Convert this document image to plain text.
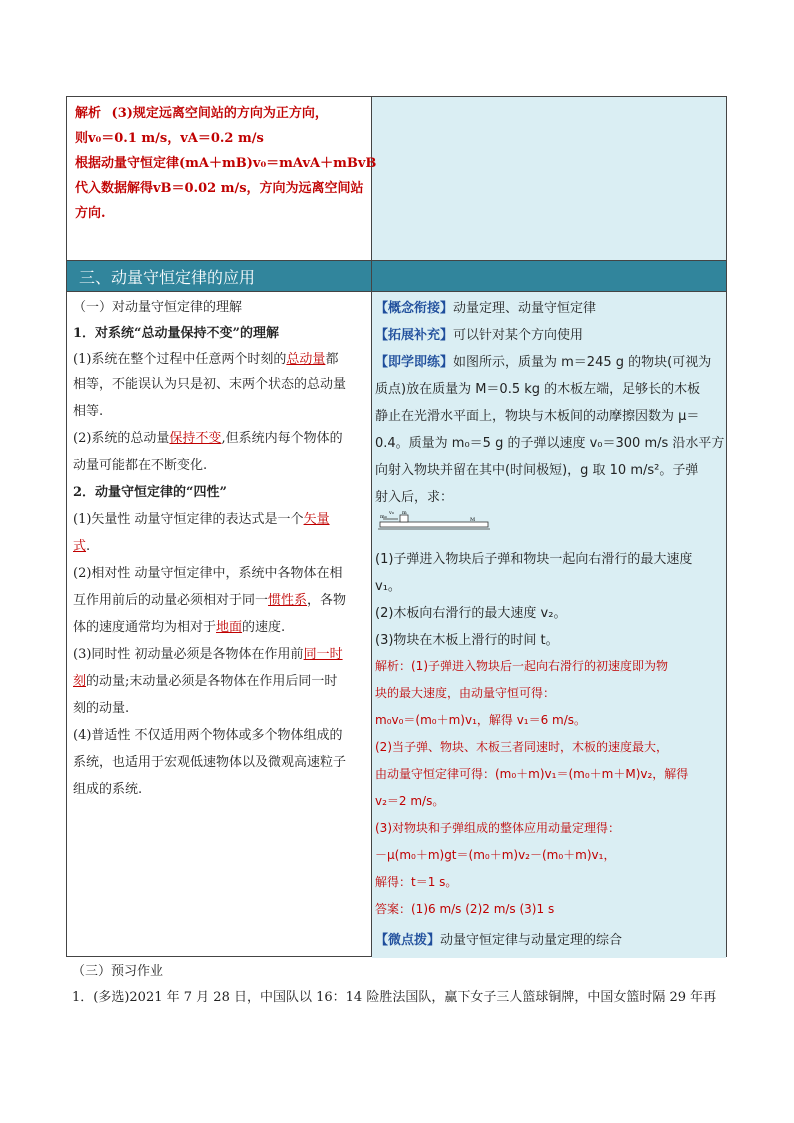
三、动量守恒定律的应用
解析 (3)规定远离空间站的方向为正方向，
则v₀＝0.1 m/s，vA＝0.2 m/s
根据动量守恒定律(mA＋mB)v₀＝mAvA＋mBvB
代入数据解得vB＝0.02 m/s，方向为远离空间站
方向.
（一）对动量守恒定律的理解
1．对系统“总动量保持不变”的理解
(1)系统在整个过程中任意两个时刻的总动量都
相等，不能误认为只是初、末两个状态的总动量
相等.
(2)系统的总动量保持不变,但系统内每个物体的
动量可能都在不断变化.
2．动量守恒定律的“四性”
(1)矢量性 动量守恒定律的表达式是一个矢量
式.
(2)相对性 动量守恒定律中，系统中各物体在相
互作用前后的动量必须相对于同一惯性系，各物
体的速度通常均为相对于地面的速度.
(3)同时性 初动量必须是各物体在作用前同一时
刻的动量;末动量必须是各物体在作用后同一时
刻的动量.
(4)普适性 不仅适用两个物体或多个物体组成的
系统，也适用于宏观低速物体以及微观高速粒子
组成的系统.
【概念衔接】动量定理、动量守恒定律
【拓展补充】可以针对某个方向使用
【即学即练】如图所示，质量为 m＝245 g 的物块(可视为
质点)放在质量为 M＝0.5 kg 的木板左端，足够长的木板
静止在光滑水平面上，物块与木板间的动摩擦因数为 μ＝
0.4。质量为 m₀＝5 g 的子弹以速度 v₀＝300 m/s 沿水平方
向射入物块并留在其中(时间极短)，g 取 10 m/s²。子弹
射入后，求：
m₀
v₀ m
M
(1)子弹进入物块后子弹和物块一起向右滑行的最大速度
v₁。
(2)木板向右滑行的最大速度 v₂。
(3)物块在木板上滑行的时间 t。
解析：(1)子弹进入物块后一起向右滑行的初速度即为物
块的最大速度，由动量守恒可得：
m₀v₀＝(m₀＋m)v₁，解得 v₁＝6 m/s。
(2)当子弹、物块、木板三者同速时，木板的速度最大，
由动量守恒定律可得：(m₀＋m)v₁＝(m₀＋m＋M)v₂，解得
v₂＝2 m/s。
(3)对物块和子弹组成的整体应用动量定理得：
－μ(m₀＋m)gt＝(m₀＋m)v₂－(m₀＋m)v₁，
解得：t＝1 s。
答案：(1)6 m/s (2)2 m/s (3)1 s
【微点拨】动量守恒定律与动量定理的综合
（三）预习作业
1．(多选)2021 年 7 月 28 日，中国队以 16：14 险胜法国队，赢下女子三人篮球铜牌，中国女篮时隔 29 年再
